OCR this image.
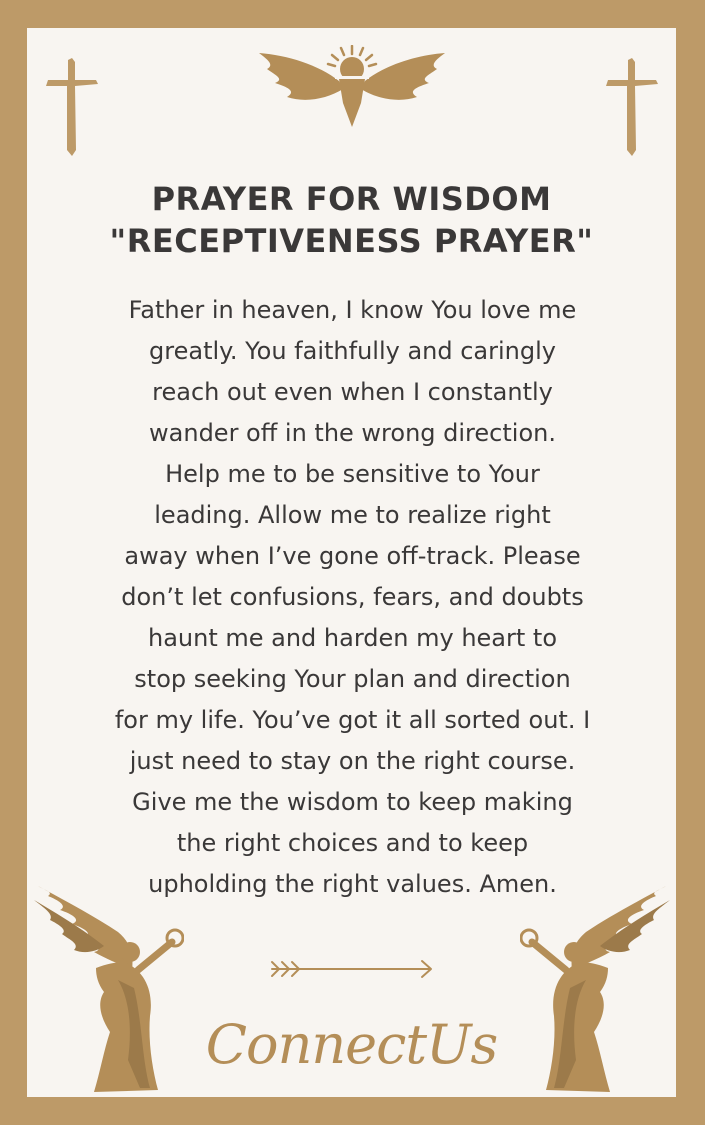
PRAYER FOR WISDOM
"RECEPTIVENESS PRAYER"
Father in heaven, I know You love me
greatly. You faithfully and caringly
reach out even when I constantly
wander off in the wrong direction.
Help me to be sensitive to Your
leading. Allow me to realize right
away when I’ve gone off-track. Please
don’t let confusions, fears, and doubts
haunt me and harden my heart to
stop seeking Your plan and direction
for my life. You’ve got it all sorted out. I
just need to stay on the right course.
Give me the wisdom to keep making
the right choices and to keep
upholding the right values. Amen.
ConnectUs
